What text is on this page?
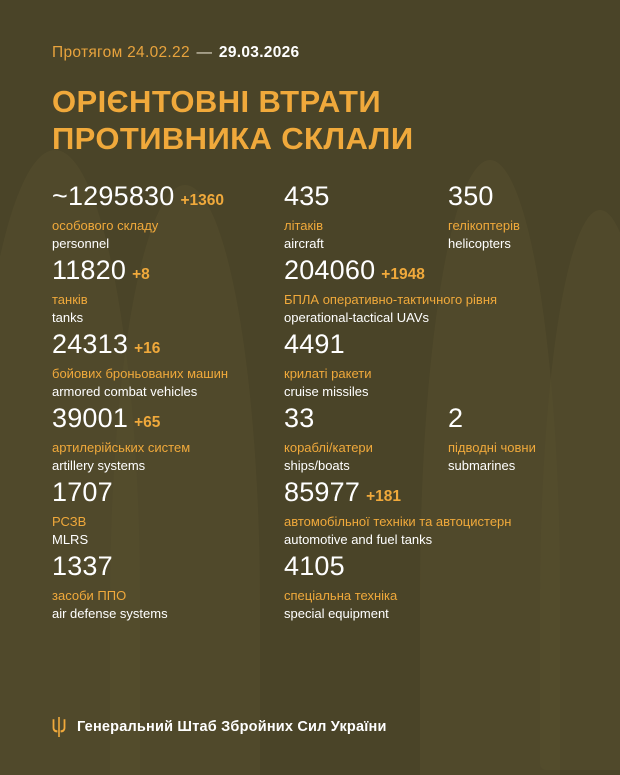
Протягом 24.02.22 — 29.03.2026
ОРІЄНТОВНІ ВТРАТИ
ПРОТИВНИКА СКЛАЛИ
~1295830 +1360
особового складу
personnel
435
літаків
aircraft
350
гелікоптерів
helicopters
11820 +8
танків
tanks
204060 +1948
БПЛА оперативно-тактичного рівня
operational-tactical UAVs
24313 +16
бойових броньованих машин
armored combat vehicles
4491
крилаті ракети
cruise missiles
39001 +65
артилерійських систем
artillery systems
33
кораблі/катери
ships/boats
2
підводні човни
submarines
1707
РСЗВ
MLRS
85977 +181
автомобільної техніки та автоцистерн
automotive and fuel tanks
1337
засоби ППО
air defense systems
4105
спеціальна техніка
special equipment
Генеральний Штаб Збройних Сил України
